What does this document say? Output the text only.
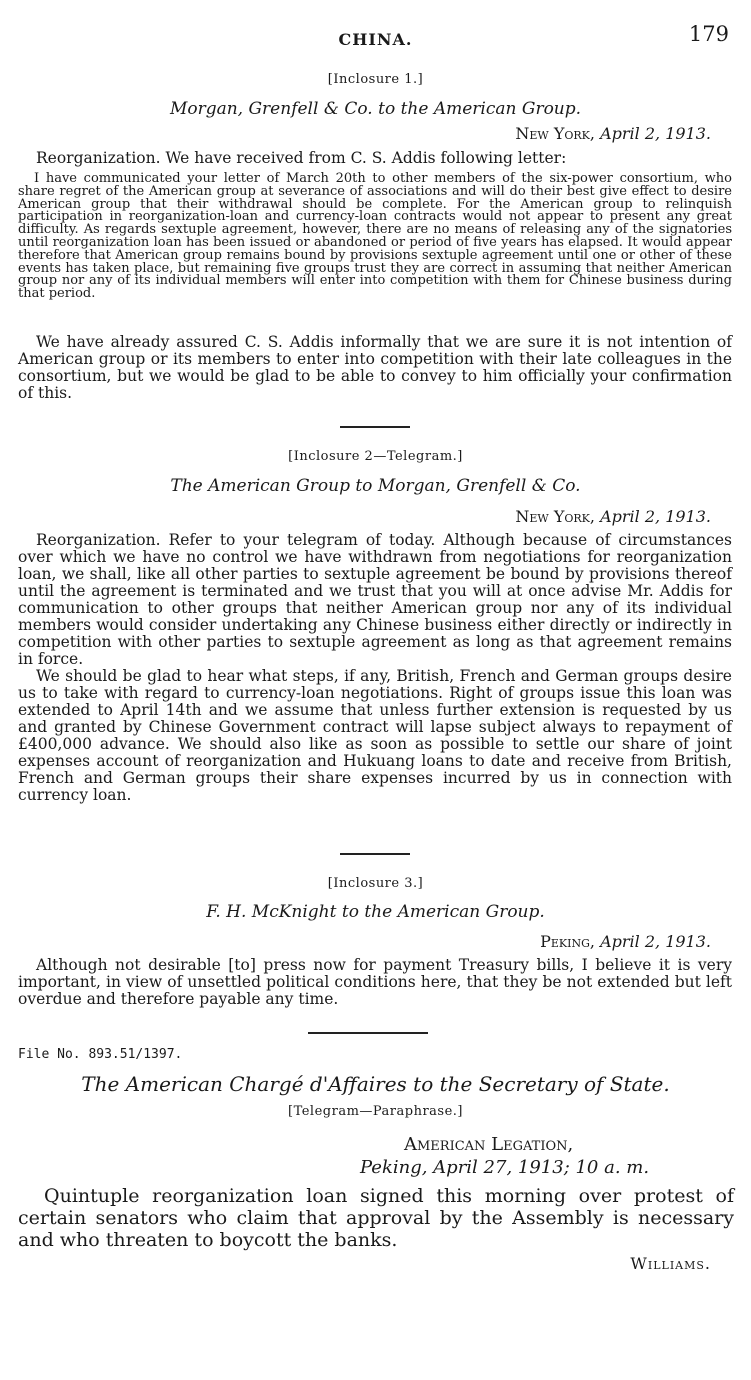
CHINA.	179
[Inclosure 1.]
Morgan, Grenfell & Co. to the American Group.
New York, April 2, 1913.

Reorganization. We have received from C. S. Addis following letter:

I have communicated your letter of March 20th to other members of the six-power consortium, who share regret of the American group at severance of associations and will do their best give effect to desire American group that their withdrawal should be complete. For the American group to relinquish participation in reorganization-loan and currency-loan contracts would not appear to present any great difficulty. As regards sextuple agreement, however, there are no means of releasing any of the signatories until reorganization loan has been issued or abandoned or period of five years has elapsed. It would appear therefore that American group remains bound by provisions sextuple agreement until one or other of these events has taken place, but remaining five groups trust they are correct in assuming that neither American group nor any of its individual members will enter into competition with them for Chinese business during that period.

We have already assured C. S. Addis informally that we are sure it is not intention of American group or its members to enter into competition with their late colleagues in the consortium, but we would be glad to be able to convey to him officially your confirmation of this.

[Inclosure 2—Telegram.]
The American Group to Morgan, Grenfell & Co.
New York, April 2, 1913.

Reorganization. Refer to your telegram of today. Although because of circumstances over which we have no control we have withdrawn from negotiations for reorganization loan, we shall, like all other parties to sextuple agreement be bound by provisions thereof until the agreement is terminated and we trust that you will at once advise Mr. Addis for communication to other groups that neither American group nor any of its individual members would consider undertaking any Chinese business either directly or indirectly in competition with other parties to sextuple agreement as long as that agreement remains in force.

We should be glad to hear what steps, if any, British, French and German groups desire us to take with regard to currency-loan negotiations. Right of groups issue this loan was extended to April 14th and we assume that unless further extension is requested by us and granted by Chinese Government contract will lapse subject always to repayment of £400,000 advance. We should also like as soon as possible to settle our share of joint expenses account of reorganization and Hukuang loans to date and receive from British, French and German groups their share expenses incurred by us in connection with currency loan.

[Inclosure 3.]
F. H. McKnight to the American Group.
Peking, April 2, 1913.

Although not desirable [to] press now for payment Treasury bills, I believe it is very important, in view of unsettled political conditions here, that they be not extended but left overdue and therefore payable any time.

File No. 893.51/1397.
The American Chargé d'Affaires to the Secretary of State.
[Telegram—Paraphrase.]
American Legation,
Peking, April 27, 1913; 10 a. m.

Quintuple reorganization loan signed this morning over protest of certain senators who claim that approval by the Assembly is necessary and who threaten to boycott the banks.

Williams.
